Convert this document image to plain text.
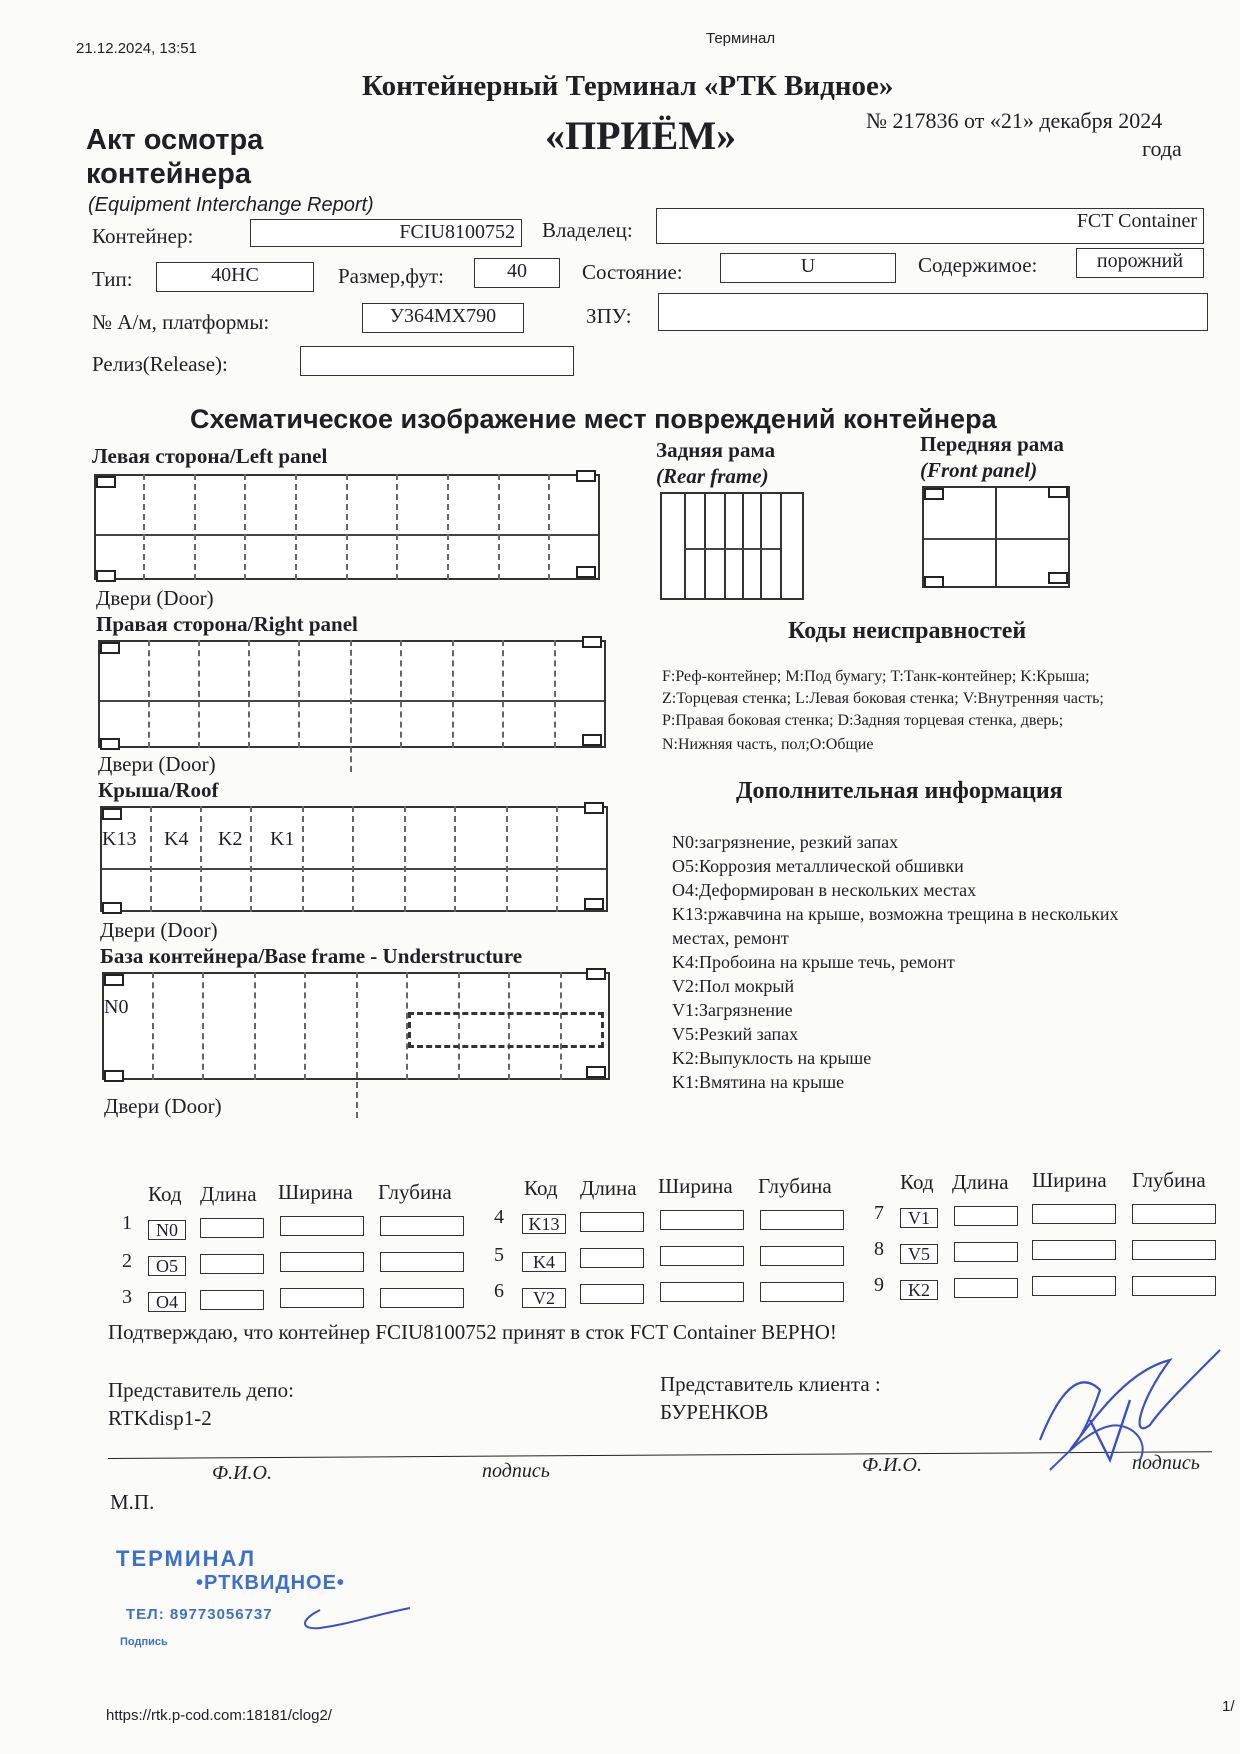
21.12.2024, 13:51
Терминал
https://rtk.p-cod.com:18181/clog2/
1/
Контейнерный Терминал «РТК Видное»
«ПРИЁМ»
Акт осмотра
контейнера
(Equipment Interchange Report)
№ 217836 от «21» декабря 2024
года
Контейнер:	FCIU8100752	Владелец:	FCT Container
Тип:	40HC	Размер,фут:	40	Состояние:	U	Содержимое:	порожний
№ А/м, платформы:	У364МХ790	ЗПУ:
Релиз(Release):
Схематическое изображение мест повреждений контейнера
Левая сторона/Left panel
Двери (Door)
Правая сторона/Right panel
Двери (Door)
Крыша/Roof
K13 K4 K2 K1
Двери (Door)
База контейнера/Base frame - Understructure
N0
Двери (Door)
Задняя рама
(Rear frame)
Передняя рама
(Front panel)
Коды неисправностей
F:Реф-контейнер; M:Под бумагу; T:Танк-контейнер; K:Крыша;
Z:Торцевая стенка; L:Левая боковая стенка; V:Внутренняя часть;
P:Правая боковая стенка; D:Задняя торцевая стенка, дверь;
N:Нижняя часть, пол;O:Общие
Дополнительная информация
N0:загрязнение, резкий запах
O5:Коррозия металлической обшивки
O4:Деформирован в нескольких местах
K13:ржавчина на крыше, возможна трещина в нескольких
местах, ремонт
K4:Пробоина на крыше течь, ремонт
V2:Пол мокрый
V1:Загрязнение
V5:Резкий запах
K2:Выпуклость на крыше
K1:Вмятина на крыше
Код Длина Ширина Глубина
1	N0
2	O5
3	O4
Код Длина Ширина Глубина
4	K13
5	K4
6	V2
Код Длина Ширина Глубина
7	V1
8	V5
9	K2
Подтверждаю, что контейнер FCIU8100752 принят в сток FCT Container ВЕРНО!
Представитель депо:
RTKdisp1-2
Представитель клиента :
БУРЕНКОВ
Ф.И.О.	подпись	Ф.И.О.	подпись
М.П.
ТЕРМИНАЛ
•РТКВИДНОЕ•
ТЕЛ: 89773056737
Подпись
